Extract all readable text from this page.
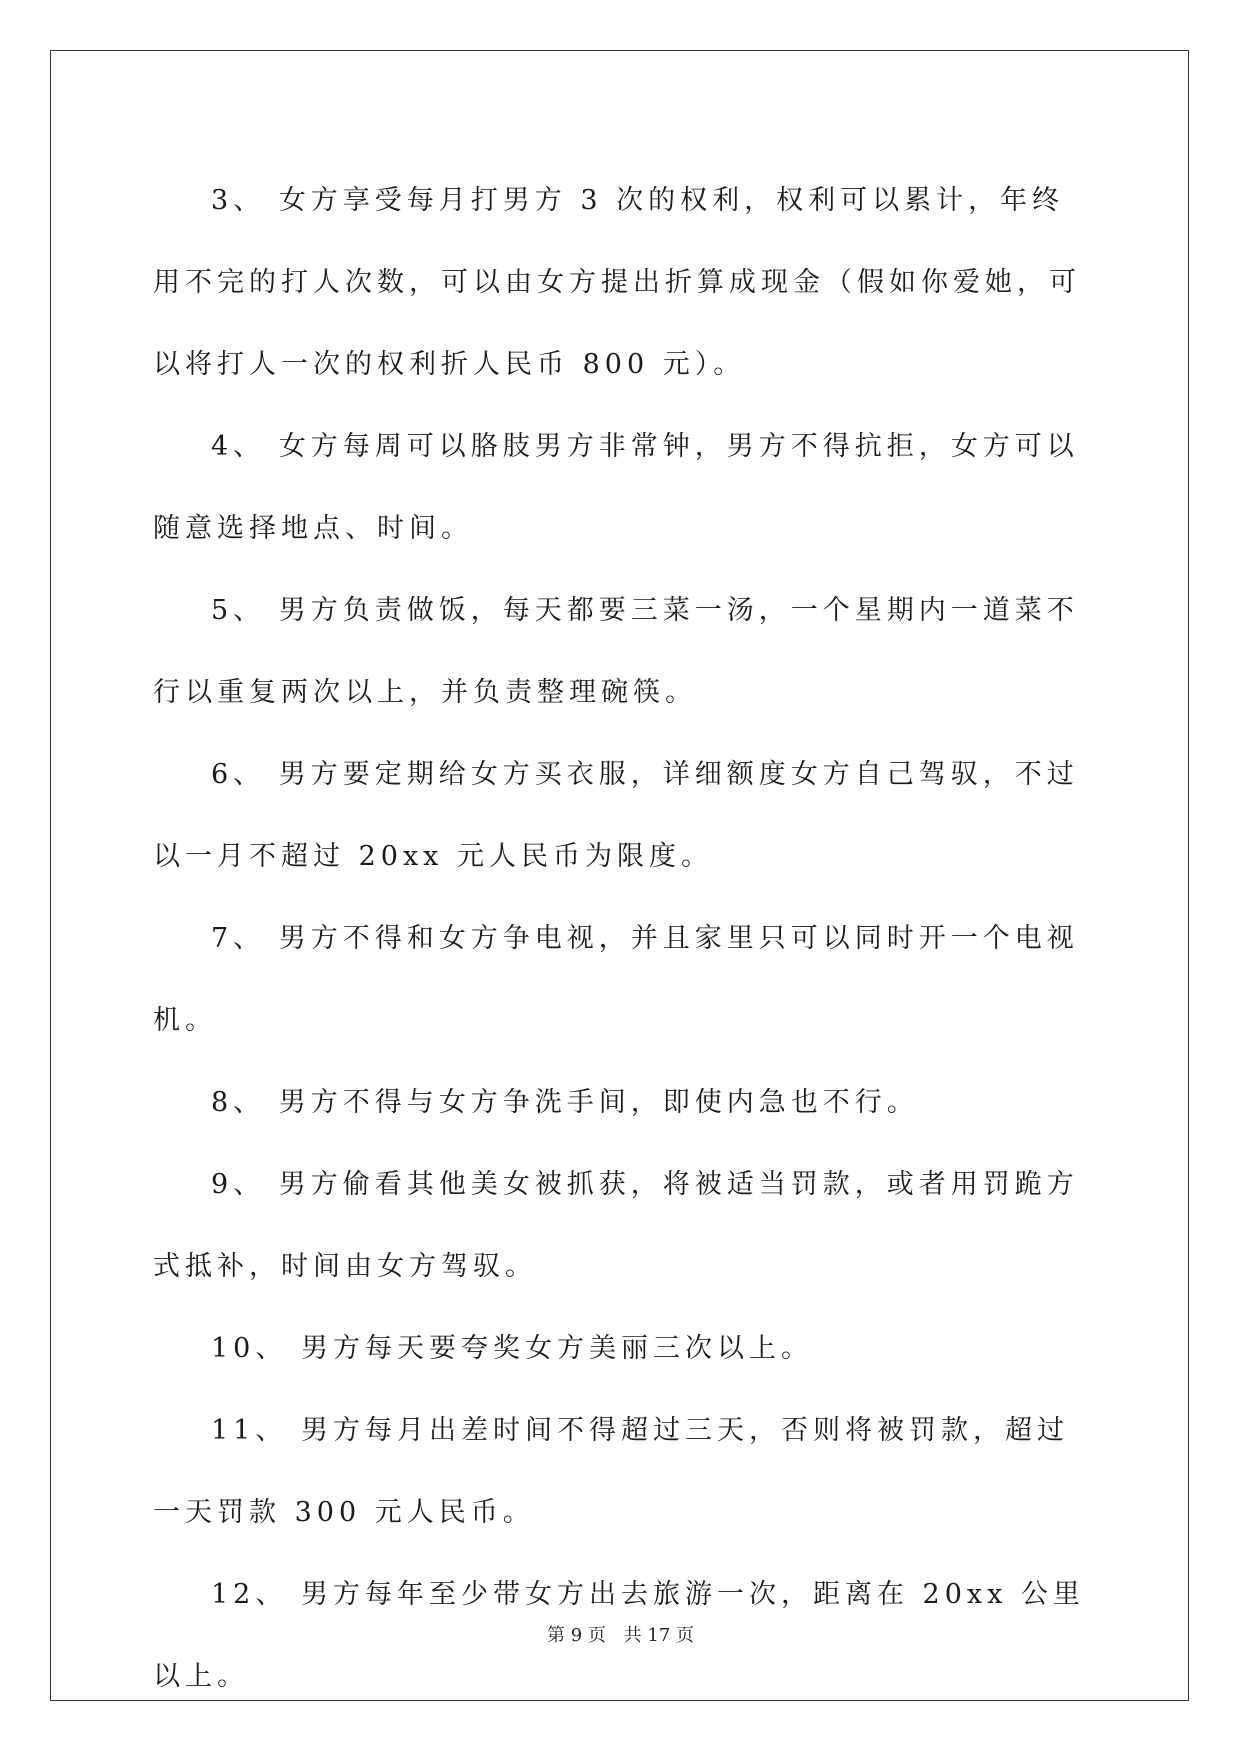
3、 女方享受每月打男方 3 次的权利，权利可以累计，年终用不完的打人次数，可以由女方提出折算成现金（假如你爱她，可以将打人一次的权利折人民币 800 元）。

4、 女方每周可以胳肢男方非常钟，男方不得抗拒，女方可以随意选择地点、时间。

5、 男方负责做饭，每天都要三菜一汤，一个星期内一道菜不行以重复两次以上，并负责整理碗筷。

6、 男方要定期给女方买衣服，详细额度女方自己驾驭，不过以一月不超过 20xx 元人民币为限度。

7、 男方不得和女方争电视，并且家里只可以同时开一个电视机。

8、 男方不得与女方争洗手间，即使内急也不行。

9、 男方偷看其他美女被抓获，将被适当罚款，或者用罚跪方式抵补，时间由女方驾驭。

10、 男方每天要夸奖女方美丽三次以上。

11、 男方每月出差时间不得超过三天，否则将被罚款，超过一天罚款 300 元人民币。

12、 男方每年至少带女方出去旅游一次，距离在 20xx 公里以上。

第 9 页 共 17 页
